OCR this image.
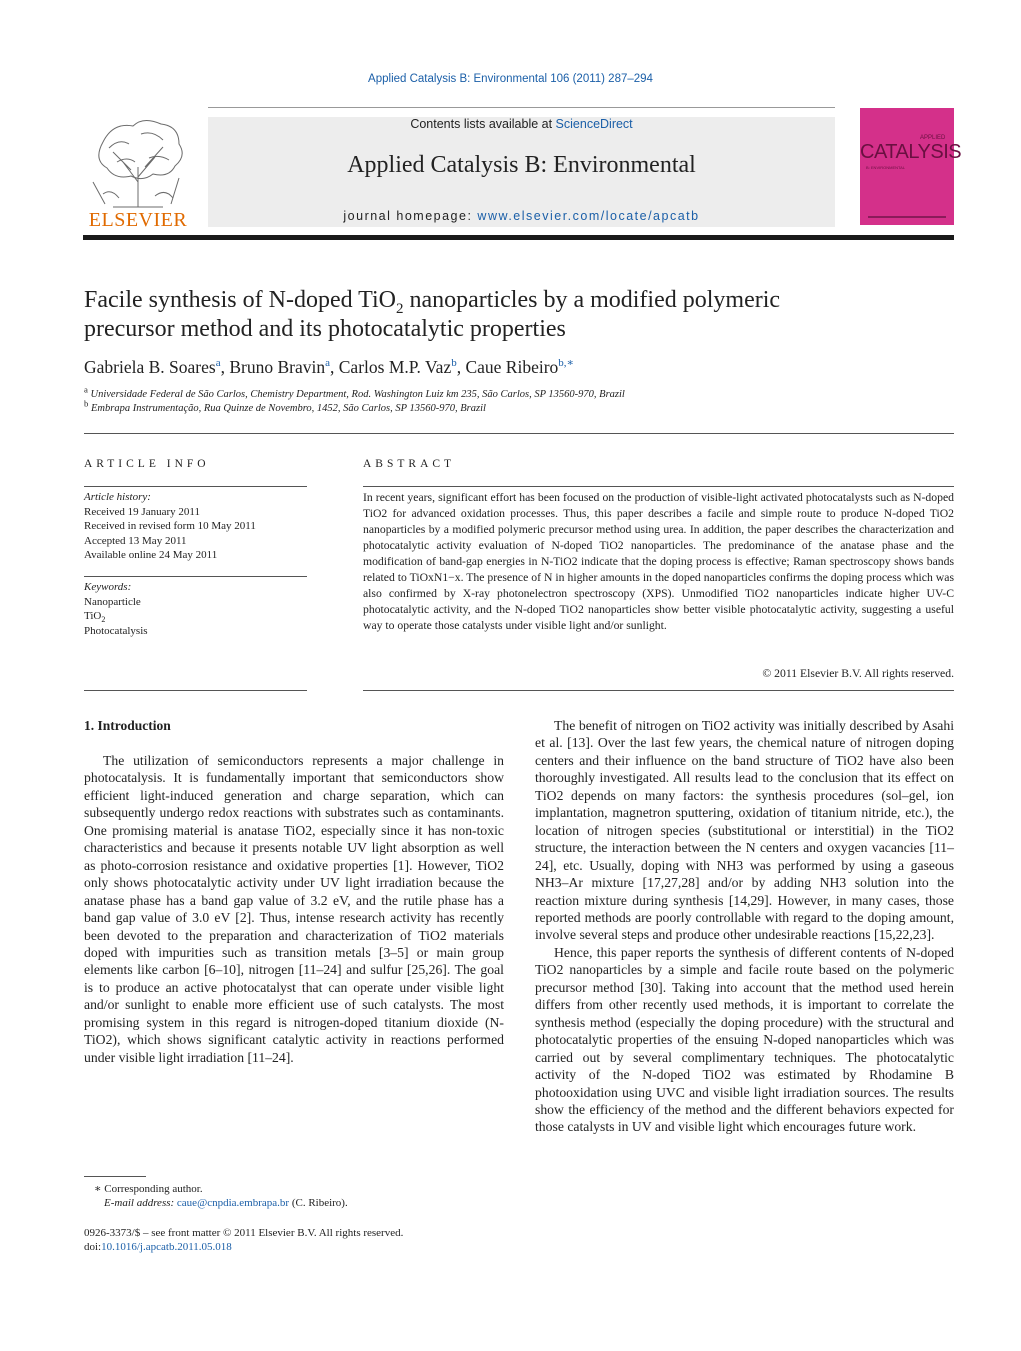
Applied Catalysis B: Environmental 106 (2011) 287–294
ELSEVIER
Contents lists available at ScienceDirect
Applied Catalysis B: Environmental
journal homepage: www.elsevier.com/locate/apcatb
APPLIED
CATALYSIS
B: ENVIRONMENTAL
Facile synthesis of N-doped TiO$_2$ nanoparticles by a modified polymeric
precursor method and its photocatalytic properties
Gabriela B. Soares$^a$, Bruno Bravin$^a$, Carlos M.P. Vaz$^b$, Caue Ribeiro$^{b,∗}$
$^a$ Universidade Federal de São Carlos, Chemistry Department, Rod. Washington Luiz km 235, São Carlos, SP 13560-970, Brazil
$^b$ Embrapa Instrumentação, Rua Quinze de Novembro, 1452, São Carlos, SP 13560-970, Brazil
ARTICLE INFO
Article history:
Received 19 January 2011
Received in revised form 10 May 2011
Accepted 13 May 2011
Available online 24 May 2011
Keywords:
Nanoparticle
TiO$_2$
Photocatalysis
ABSTRACT
In recent years, significant effort has been focused on the production of visible-light activated photocatalysts such as N-doped TiO2 for advanced oxidation processes. Thus, this paper describes a facile and simple route to produce N-doped TiO2 nanoparticles by a modified polymeric precursor method using urea. In addition, the paper describes the characterization and photocatalytic activity evaluation of N-doped TiO2 nanoparticles. The predominance of the anatase phase and the modification of band-gap energies in N-TiO2 indicate that the doping process is effective; Raman spectroscopy shows bands related to TiOxN1−x. The presence of N in higher amounts in the doped nanoparticles confirms the doping process which was also confirmed by X-ray photonelectron spectroscopy (XPS). Unmodified TiO2 nanoparticles indicate higher UV-C photocatalytic activity, and the N-doped TiO2 nanoparticles show better visible photocatalytic activity, suggesting a useful way to operate those catalysts under visible light and/or sunlight.
© 2011 Elsevier B.V. All rights reserved.
1. Introduction

The utilization of semiconductors represents a major challenge in photocatalysis. It is fundamentally important that semiconductors show efficient light-induced generation and charge separation, which can subsequently undergo redox reactions with substrates such as contaminants. One promising material is anatase TiO2, especially since it has non-toxic characteristics and because it presents notable UV light absorption as well as photo-corrosion resistance and oxidative properties [1]. However, TiO2 only shows photocatalytic activity under UV light irradiation because the anatase phase has a band gap value of 3.2 eV, and the rutile phase has a band gap value of 3.0 eV [2]. Thus, intense research activity has recently been devoted to the preparation and characterization of TiO2 materials doped with impurities such as transition metals [3–5] or main group elements like carbon [6–10], nitrogen [11–24] and sulfur [25,26]. The goal is to produce an active photocatalyst that can operate under visible light and/or sunlight to enable more efficient use of such catalysts. The most promising system in this regard is nitrogen-doped titanium dioxide (N-TiO2), which shows significant catalytic activity in reactions performed under visible light irradiation [11–24].

The benefit of nitrogen on TiO2 activity was initially described by Asahi et al. [13]. Over the last few years, the chemical nature of nitrogen doping centers and their influence on the band structure of TiO2 have also been thoroughly investigated. All results lead to the conclusion that its effect on TiO2 depends on many factors: the synthesis procedures (sol–gel, ion implantation, magnetron sputtering, oxidation of titanium nitride, etc.), the location of nitrogen species (substitutional or interstitial) in the TiO2 structure, the interaction between the N centers and oxygen vacancies [11–24], etc. Usually, doping with NH3 was performed by using a gaseous NH3–Ar mixture [17,27,28] and/or by adding NH3 solution into the reaction mixture during synthesis [14,29]. However, in many cases, those reported methods are poorly controllable with regard to the doping amount, involve several steps and produce other undesirable reactions [15,22,23].

Hence, this paper reports the synthesis of different contents of N-doped TiO2 nanoparticles by a simple and facile route based on the polymeric precursor method [30]. Taking into account that the method used herein differs from other recently used methods, it is important to correlate the synthesis method (especially the doping procedure) with the structural and photocatalytic properties of the ensuing N-doped nanoparticles which was carried out by several complimentary techniques. The photocatalytic activity of the N-doped TiO2 was estimated by Rhodamine B photooxidation using UVC and visible light irradiation sources. The results show the efficiency of the method and the different behaviors expected for those catalysts in UV and visible light which encourages future work.

∗ Corresponding author.
E-mail address: caue@cnpdia.embrapa.br (C. Ribeiro).
0926-3373/$ – see front matter © 2011 Elsevier B.V. All rights reserved.
doi:10.1016/j.apcatb.2011.05.018
